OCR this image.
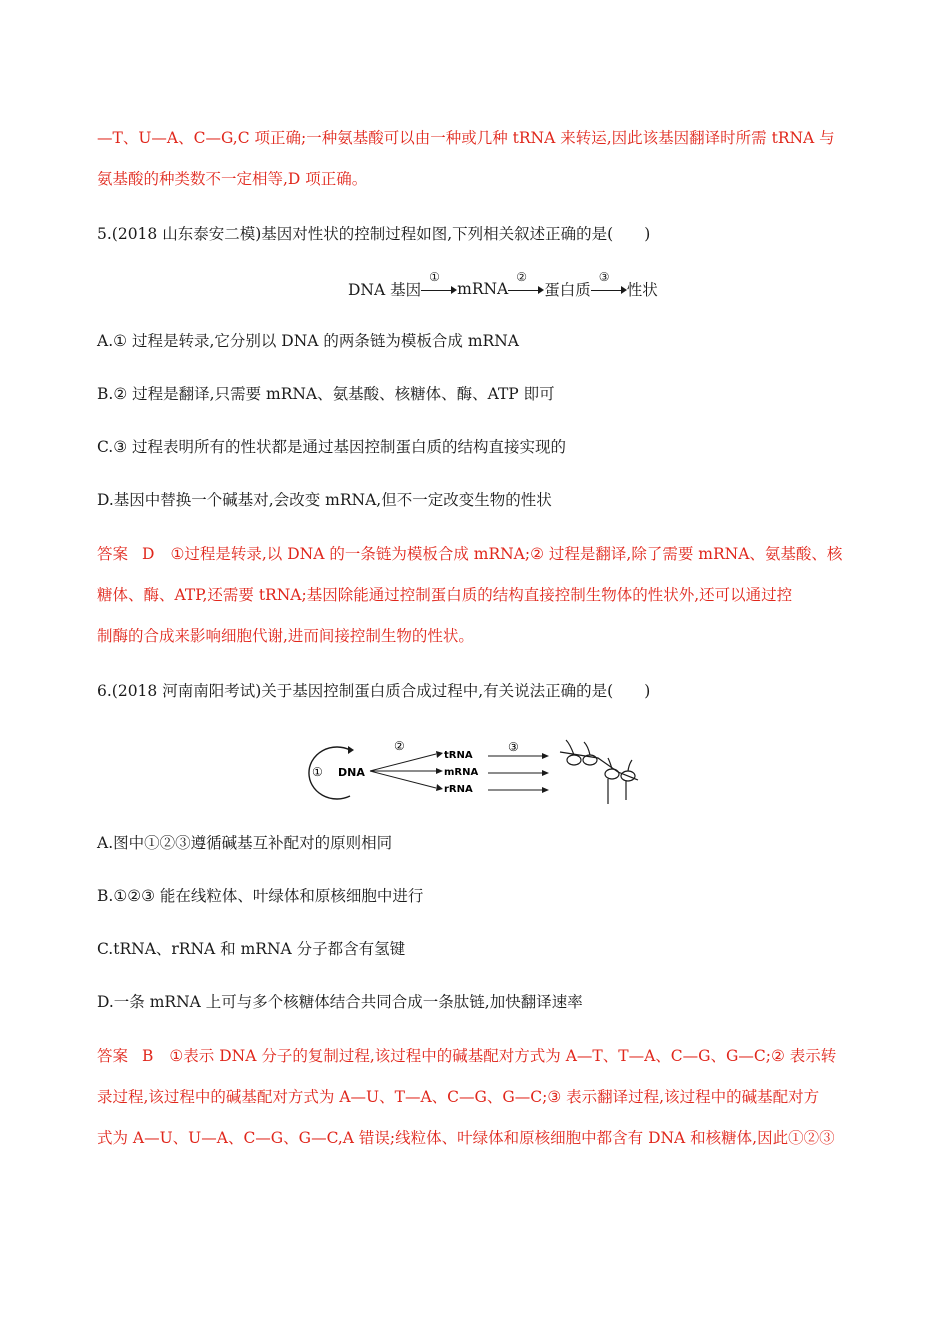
—T、U—A、C—G,C 项正确;一种氨基酸可以由一种或几种 tRNA 来转运,因此该基因翻译时所需 tRNA 与
氨基酸的种类数不一定相等,D 项正确。
5.(2018 山东泰安二模)基因对性状的控制过程如图,下列相关叙述正确的是(　　)
DNA 基因
①
mRNA
②
蛋白质
③
性状
A.① 过程是转录,它分别以 DNA 的两条链为模板合成 mRNA
B.② 过程是翻译,只需要 mRNA、氨基酸、核糖体、酶、ATP 即可
C.③ 过程表明所有的性状都是通过基因控制蛋白质的结构直接实现的
D.基因中替换一个碱基对,会改变 mRNA,但不一定改变生物的性状
答案 D ①过程是转录,以 DNA 的一条链为模板合成 mRNA;② 过程是翻译,除了需要 mRNA、氨基酸、核
糖体、酶、ATP,还需要 tRNA;基因除能通过控制蛋白质的结构直接控制生物体的性状外,还可以通过控
制酶的合成来影响细胞代谢,进而间接控制生物的性状。
6.(2018 河南南阳考试)关于基因控制蛋白质合成过程中,有关说法正确的是(　　)
① DNA
②
tRNA
mRNA
rRNA
③
A.图中①②③遵循碱基互补配对的原则相同
B.①②③ 能在线粒体、叶绿体和原核细胞中进行
C.tRNA、rRNA 和 mRNA 分子都含有氢键
D.一条 mRNA 上可与多个核糖体结合共同合成一条肽链,加快翻译速率
答案 B ①表示 DNA 分子的复制过程,该过程中的碱基配对方式为 A—T、T—A、C—G、G—C;② 表示转
录过程,该过程中的碱基配对方式为 A—U、T—A、C—G、G—C;③ 表示翻译过程,该过程中的碱基配对方
式为 A—U、U—A、C—G、G—C,A 错误;线粒体、叶绿体和原核细胞中都含有 DNA 和核糖体,因此①②③
